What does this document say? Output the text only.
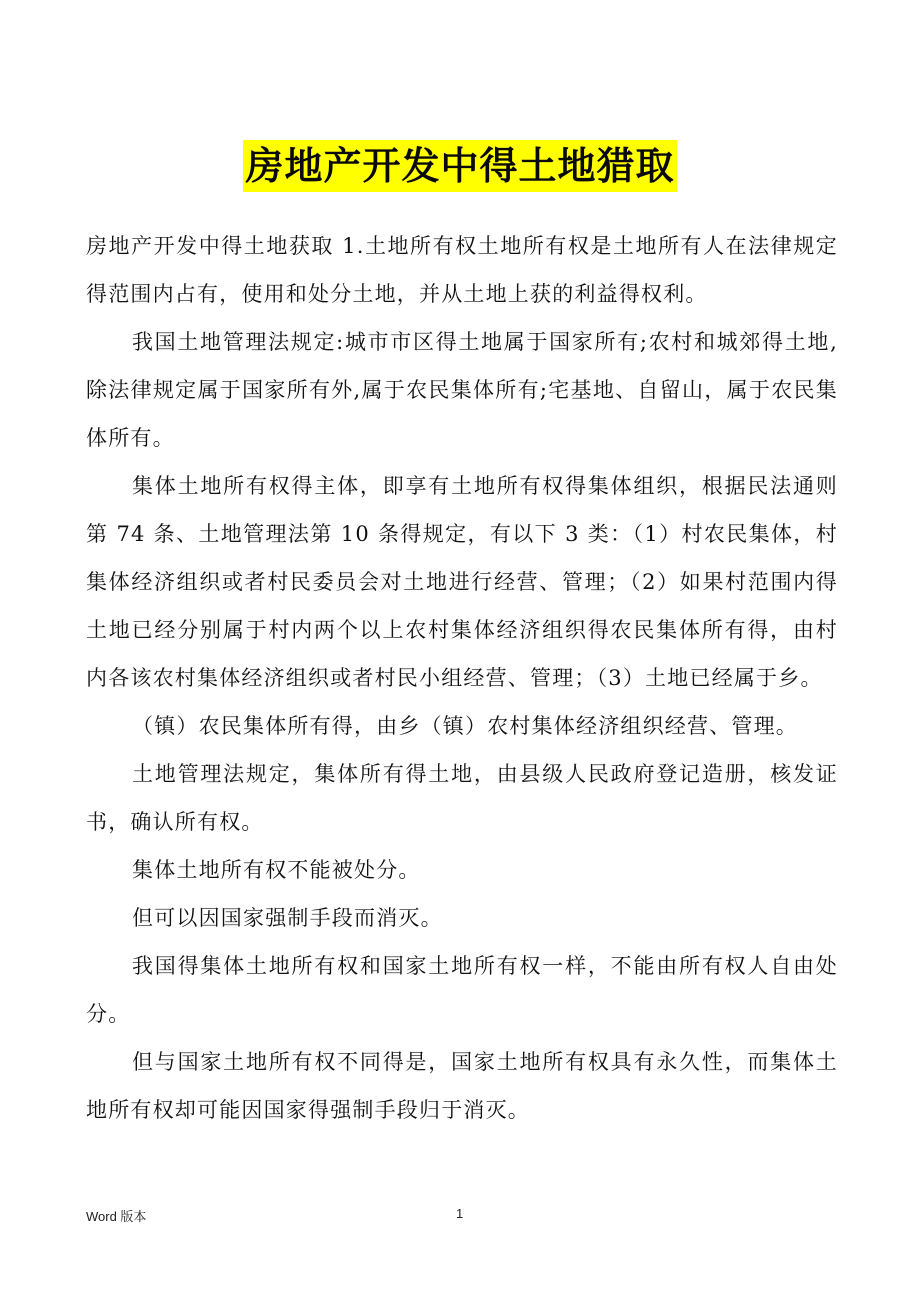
房地产开发中得土地猎取

房地产开发中得土地获取 1.土地所有权土地所有权是土地所有人在法律规定得范围内占有，使用和处分土地，并从土地上获的利益得权利。

我国土地管理法规定:城市市区得土地属于国家所有;农村和城郊得土地,除法律规定属于国家所有外,属于农民集体所有;宅基地、自留山，属于农民集体所有。

集体土地所有权得主体，即享有土地所有权得集体组织，根据民法通则第 74 条、土地管理法第 10 条得规定，有以下 3 类：（1）村农民集体，村集体经济组织或者村民委员会对土地进行经营、管理；（2）如果村范围内得土地已经分别属于村内两个以上农村集体经济组织得农民集体所有得，由村内各该农村集体经济组织或者村民小组经营、管理；（3）土地已经属于乡。

（镇）农民集体所有得，由乡（镇）农村集体经济组织经营、管理。

土地管理法规定，集体所有得土地，由县级人民政府登记造册，核发证书，确认所有权。

集体土地所有权不能被处分。

但可以因国家强制手段而消灭。

我国得集体土地所有权和国家土地所有权一样，不能由所有权人自由处分。

但与国家土地所有权不同得是，国家土地所有权具有永久性，而集体土地所有权却可能因国家得强制手段归于消灭。

Word 版本	1
